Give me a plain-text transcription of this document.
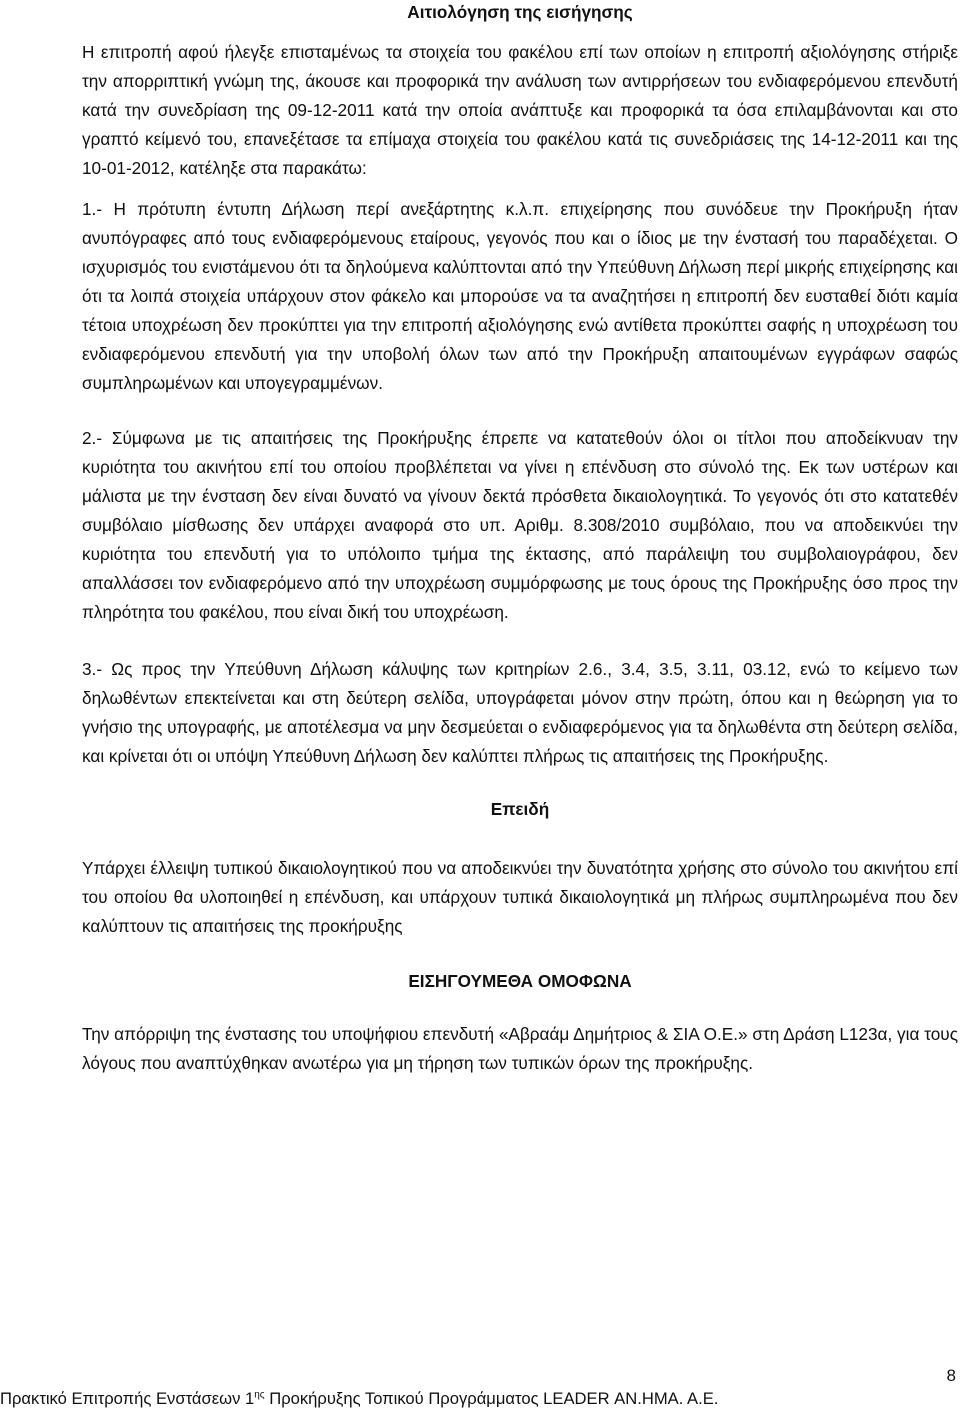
Αιτιολόγηση της εισήγησης

Η επιτροπή αφού ήλεγξε επισταμένως τα στοιχεία του φακέλου επί των οποίων η επιτροπή αξιολόγησης στήριξε την απορριπτική γνώμη της, άκουσε και προφορικά την ανάλυση των αντιρρήσεων του ενδιαφερόμενου επενδυτή κατά την συνεδρίαση της 09-12-2011 κατά την οποία ανάπτυξε και προφορικά τα όσα επιλαμβάνονται και στο γραπτό κείμενό του, επανεξέτασε τα επίμαχα στοιχεία του φακέλου κατά τις συνεδριάσεις της 14-12-2011 και της 10-01-2012, κατέληξε στα παρακάτω:

1.- Η πρότυπη έντυπη Δήλωση περί ανεξάρτητης κ.λ.π. επιχείρησης που συνόδευε την Προκήρυξη ήταν ανυπόγραφες από τους ενδιαφερόμενους εταίρους, γεγονός που και ο ίδιος με την ένστασή του παραδέχεται. Ο ισχυρισμός του ενιστάμενου ότι τα δηλούμενα καλύπτονται από την Υπεύθυνη Δήλωση περί μικρής επιχείρησης και ότι τα λοιπά στοιχεία υπάρχουν στον φάκελο και μπορούσε να τα αναζητήσει η επιτροπή δεν ευσταθεί διότι καμία τέτοια υποχρέωση δεν προκύπτει για την επιτροπή αξιολόγησης ενώ αντίθετα προκύπτει σαφής η υποχρέωση του ενδιαφερόμενου επενδυτή για την υποβολή όλων των από την Προκήρυξη απαιτουμένων εγγράφων σαφώς συμπληρωμένων και υπογεγραμμένων.

2.- Σύμφωνα με τις απαιτήσεις της Προκήρυξης έπρεπε να κατατεθούν όλοι οι τίτλοι που αποδείκνυαν την κυριότητα του ακινήτου επί του οποίου προβλέπεται να γίνει η επένδυση στο σύνολό της. Εκ των υστέρων και μάλιστα με την ένσταση δεν είναι δυνατό να γίνουν δεκτά πρόσθετα δικαιολογητικά. Το γεγονός ότι στο κατατεθέν συμβόλαιο μίσθωσης δεν υπάρχει αναφορά στο υπ. Αριθμ. 8.308/2010 συμβόλαιο, που να αποδεικνύει την κυριότητα του επενδυτή για το υπόλοιπο τμήμα της έκτασης, από παράλειψη του συμβολαιογράφου, δεν απαλλάσσει τον ενδιαφερόμενο από την υποχρέωση συμμόρφωσης με τους όρους της Προκήρυξης όσο προς την πληρότητα του φακέλου, που είναι δική του υποχρέωση.

3.- Ως προς την Υπεύθυνη Δήλωση κάλυψης των κριτηρίων 2.6., 3.4, 3.5, 3.11, 03.12, ενώ το κείμενο των δηλωθέντων επεκτείνεται και στη δεύτερη σελίδα, υπογράφεται μόνον στην πρώτη, όπου και η θεώρηση για το γνήσιο της υπογραφής, με αποτέλεσμα να μην δεσμεύεται ο ενδιαφερόμενος για τα δηλωθέντα στη δεύτερη σελίδα, και κρίνεται ότι οι υπόψη Υπεύθυνη Δήλωση δεν καλύπτει πλήρως τις απαιτήσεις της Προκήρυξης.

Επειδή

Υπάρχει έλλειψη τυπικού δικαιολογητικού που να αποδεικνύει την δυνατότητα χρήσης στο σύνολο του ακινήτου επί του οποίου θα υλοποιηθεί η επένδυση, και υπάρχουν τυπικά δικαιολογητικά μη πλήρως συμπληρωμένα που δεν καλύπτουν τις απαιτήσεις της προκήρυξης

ΕΙΣΗΓΟΥΜΕΘΑ ΟΜΟΦΩΝΑ

Την απόρριψη της ένστασης του υποψήφιου επενδυτή «Αβραάμ Δημήτριος & ΣΙΑ Ο.Ε.» στη Δράση L123α, για τους λόγους που αναπτύχθηκαν ανωτέρω για μη τήρηση των τυπικών όρων της προκήρυξης.

8
Πρακτικό Επιτροπής Ενστάσεων $1^{\eta\varsigma}$ Προκήρυξης Τοπικού Προγράμματος LEADER ΑΝ.ΗΜΑ. Α.Ε.
